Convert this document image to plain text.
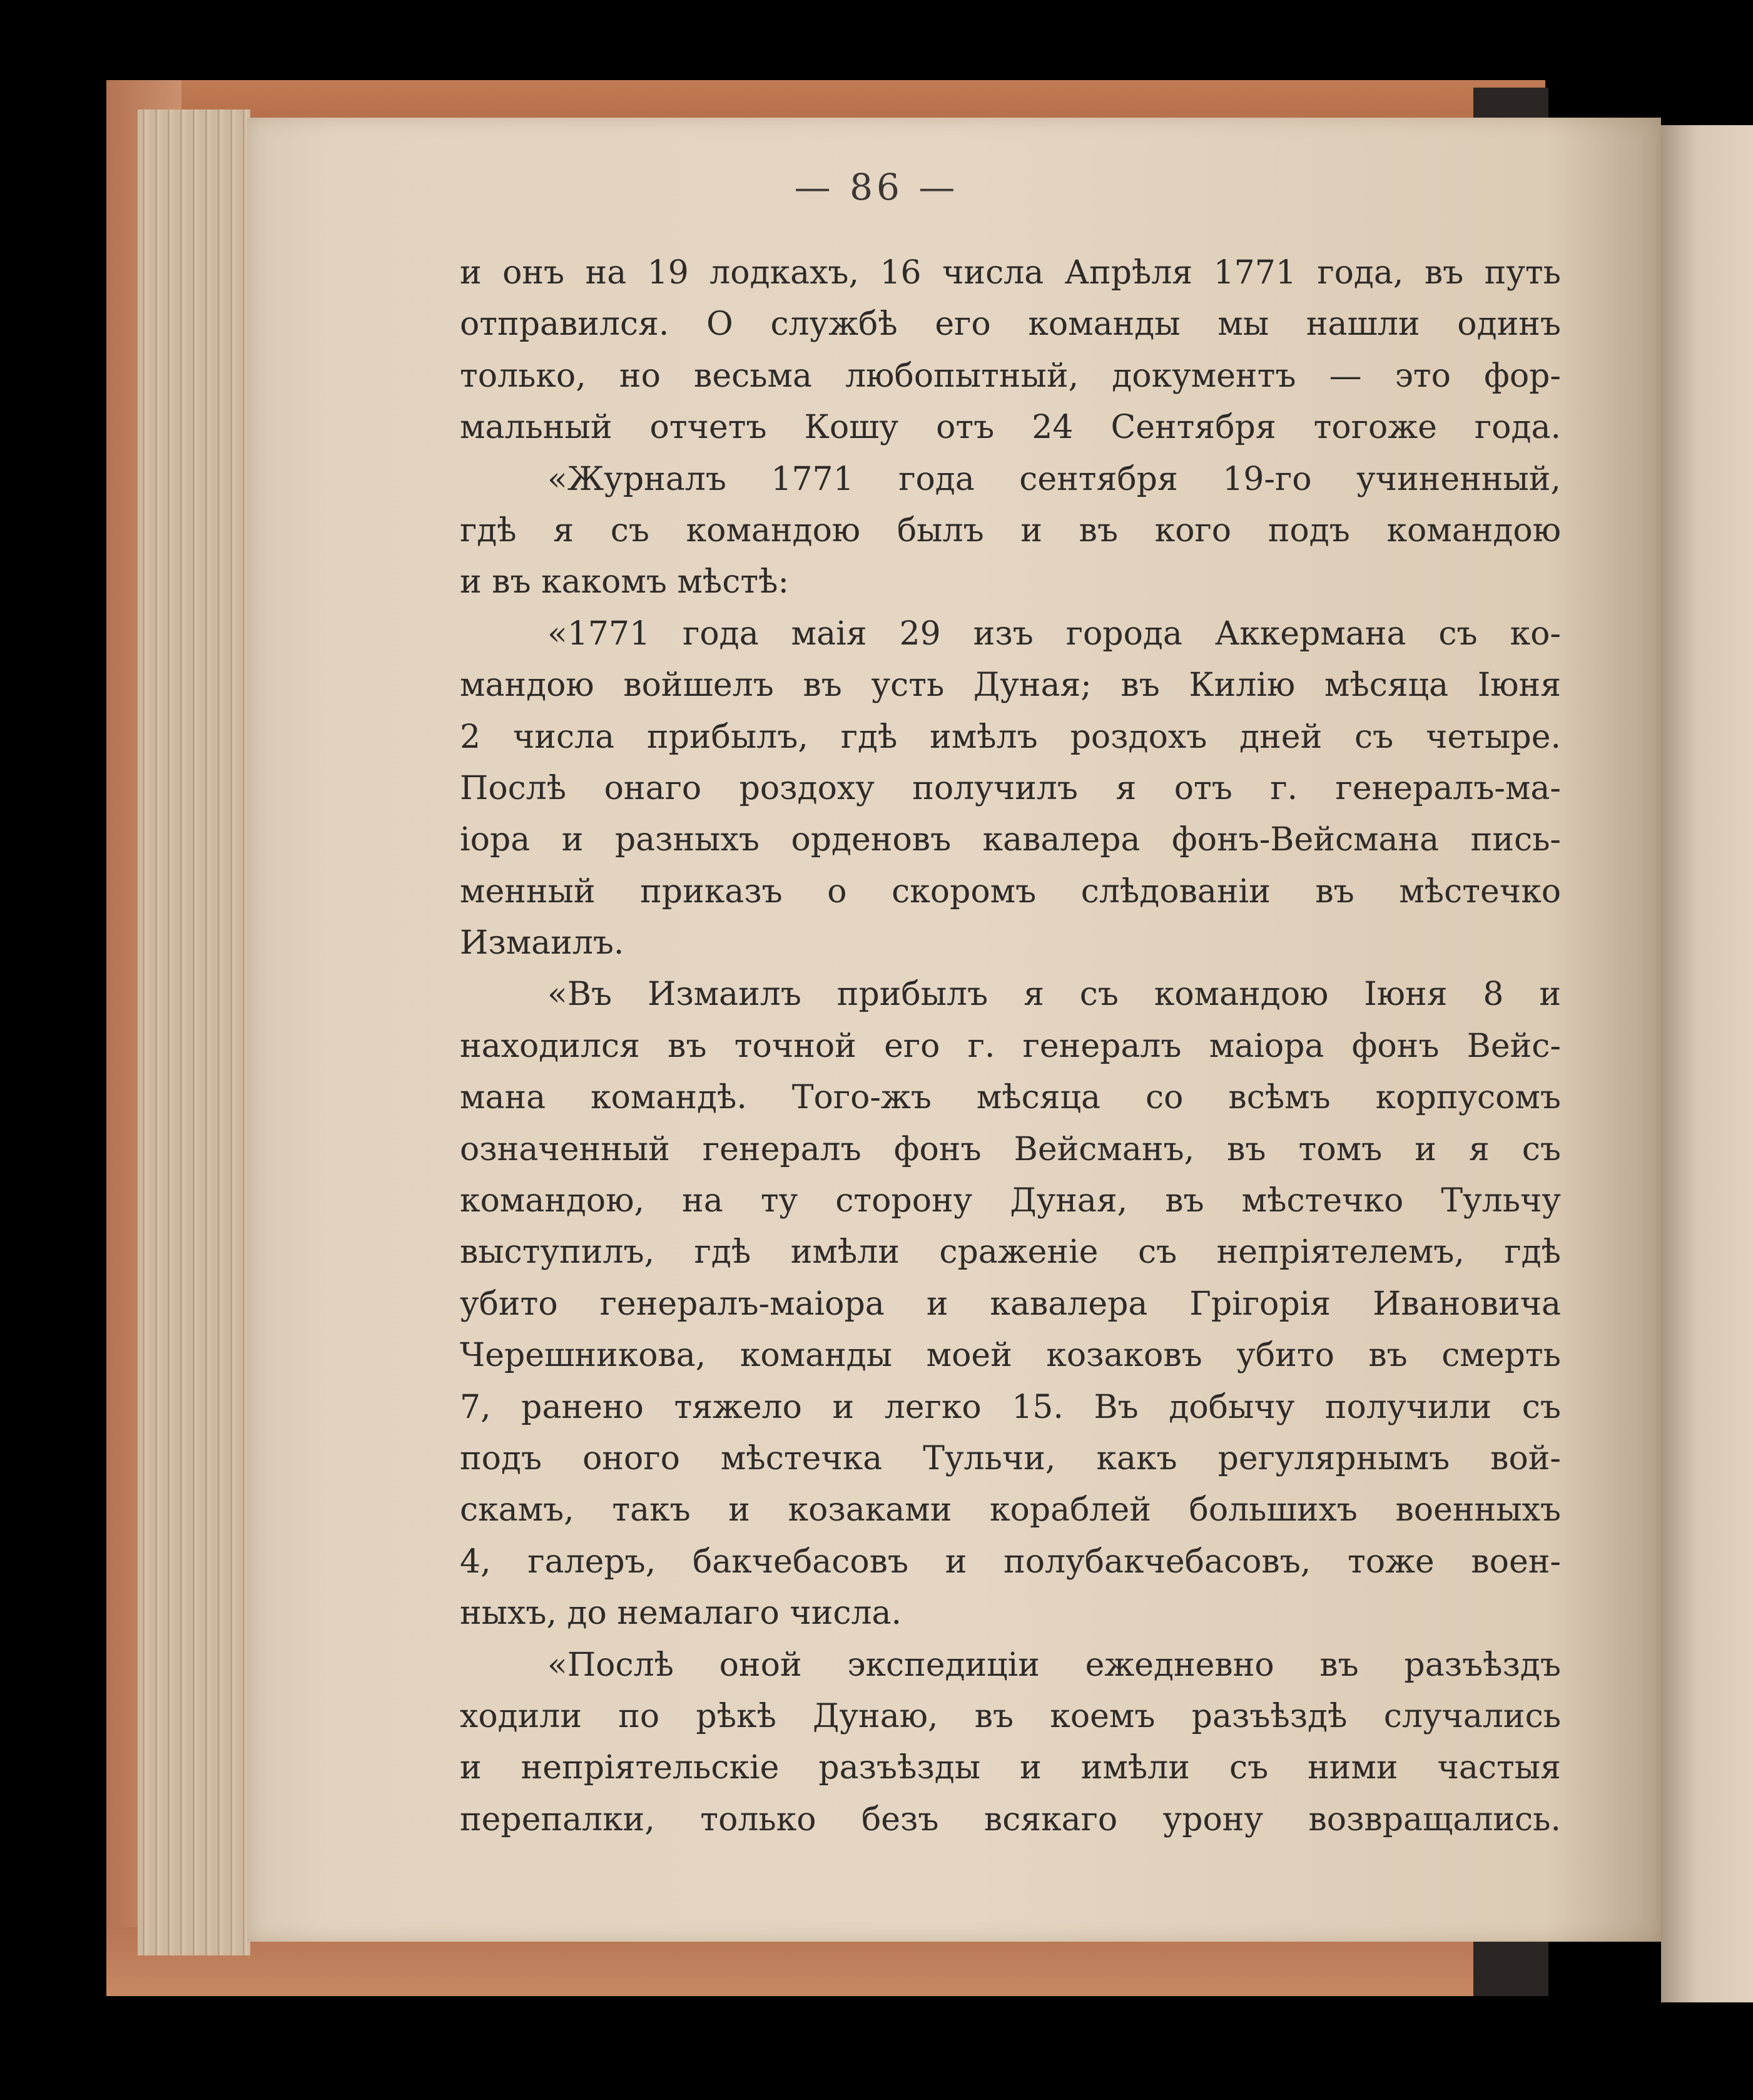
— 86 —
и онъ на 19 лодкахъ, 16 числа Апрѣля 1771 года, въ путь
отправился. О службѣ его команды мы нашли одинъ
только, но весьма любопытный, документъ — это фор-
мальный отчетъ Кошу отъ 24 Сентября тогоже года.
«Журналъ 1771 года сентября 19-го учиненный,
гдѣ я съ командою былъ и въ кого подъ командою
и въ какомъ мѣстѣ:
«1771 года маія 29 изъ города Аккермана съ ко-
мандою войшелъ въ усть Дуная; въ Килію мѣсяца Іюня
2 числа прибылъ, гдѣ имѣлъ роздохъ дней съ четыре.
Послѣ онаго роздоху получилъ я отъ г. генералъ-ма-
іора и разныхъ орденовъ кавалера фонъ-Вейсмана пись-
менный приказъ о скоромъ слѣдованіи въ мѣстечко
Измаилъ.
«Въ Измаилъ прибылъ я съ командою Іюня 8 и
находился въ точной его г. генералъ маіора фонъ Вейс-
мана командѣ. Того-жъ мѣсяца со всѣмъ корпусомъ
означенный генералъ фонъ Вейсманъ, въ томъ и я съ
командою, на ту сторону Дуная, въ мѣстечко Тульчу
выступилъ, гдѣ имѣли сраженіе съ непріятелемъ, гдѣ
убито генералъ-маіора и кавалера Грігорія Ивановича
Черешникова, команды моей козаковъ убито въ смерть
7, ранено тяжело и легко 15. Въ добычу получили съ
подъ оного мѣстечка Тульчи, какъ регулярнымъ вой-
скамъ, такъ и козаками кораблей большихъ военныхъ
4, галеръ, бакчебасовъ и полубакчебасовъ, тоже воен-
ныхъ, до немалаго числа.
«Послѣ оной экспедиціи ежедневно въ разъѣздъ
ходили по рѣкѣ Дунаю, въ коемъ разъѣздѣ случались
и непріятельскіе разъѣзды и имѣли съ ними частыя
перепалки, только безъ всякаго урону возвращались.
